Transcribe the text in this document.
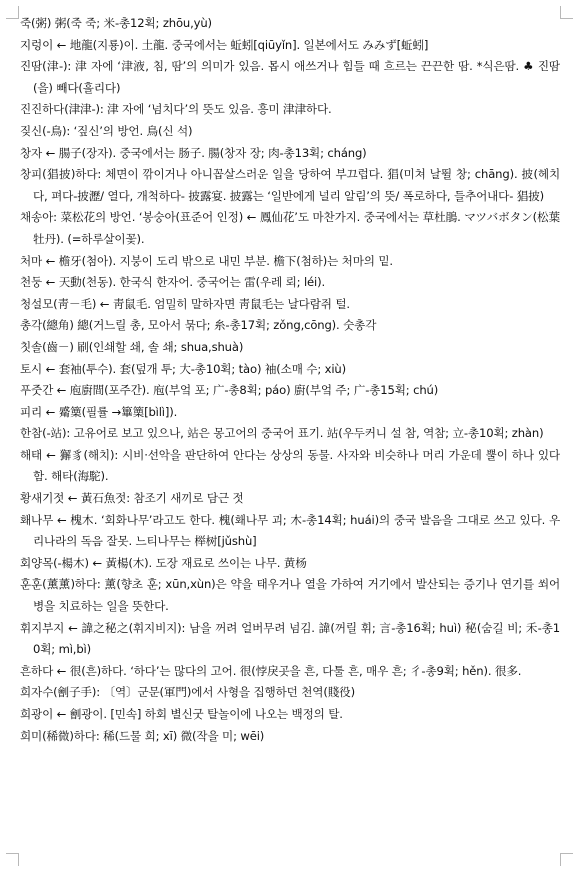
죽(粥) 粥(죽 죽; 米-총12획; zhōu,yù)

지렁이 ← 地龍(지룡)이. 土龍. 중국에서는 蚯蚓[qiūyǐn]. 일본에서도 みみず[蚯蚓]

진땀(津-): 津 자에 ‘津液, 침, 땀’의 의미가 있음. 몹시 애쓰거나 힘들 때 흐르는 끈끈한 땀. *식은땀. ♣ 진땀(을) 빼다(흘리다)

진진하다(津津-): 津 자에 ‘넘치다’의 뜻도 있음. 흥미 津津하다.

짖신(-鳥): ‘짚신’의 방언. 鳥(신 석)

창자 ← 腸子(장자). 중국에서는 肠子. 腸(창자 장; 肉-총13획; cháng)

창피(猖披)하다: 체면이 깎이거나 아니꼽살스러운 일을 당하여 부끄럽다. 猖(미쳐 날뛸 창; chāng). 披(헤치다, 펴다-披瀝/ 열다, 개척하다- 披露宴. 披露는 ‘일반에게 널리 알림’의 뜻/ 폭로하다, 들추어내다- 猖披)

채송아: 菜松花의 방언. ‘봉숭아(표준어 인정) ← 鳳仙花’도 마찬가지. 중국에서는 草杜鵑. マツバボタン(松葉牡丹). (=하루살이꽃).

처마 ← 檐牙(첨아). 지붕이 도리 밖으로 내민 부분. 檐下(첨하)는 처마의 밑.

천둥 ← 天動(천동). 한국식 한자어. 중국어는 雷(우레 뢰; léi).

청설모(靑－毛) ← 靑鼠毛. 엄밀히 말하자면 靑鼠毛는 날다람쥐 털.

총각(總角) 總(거느릴 총, 모아서 묶다; 糸-총17획; zǒng,cōng). 숫총각

칫솔(齒－) 刷(인쇄할 쇄, 솔 쇄; shua,shuà)

토시 ← 套袖(투수). 套(덮개 투; 大-총10획; tào) 袖(소매 수; xiù)

푸줏간 ← 庖廚間(포주간). 庖(부엌 포; 广-총8획; páo) 廚(부엌 주; 广-총15획; chú)

피리 ← 觱篥(필률 →篳篥[bìlì]).

한참(-站): 고유어로 보고 있으나, 站은 몽고어의 중국어 표기. 站(우두커니 설 참, 역참; 立-총10획; zhàn)

해태 ← 獬豸(해치): 시비·선악을 판단하여 안다는 상상의 동물. 사자와 비슷하나 머리 가운데 뿔이 하나 있다 함. 해타(海駝).

황새기젓 ← 黃石魚젓: 참조기 새끼로 담근 젓

홰나무 ← 槐木. ‘회화나무’라고도 한다. 槐(홰나무 괴; 木-총14획; huái)의 중국 발음을 그대로 쓰고 있다. 우리나라의 독음 잘못. 느티나무는 榉树[jǔshù]

회양목(-楊木) ← 黃楊(木). 도장 재료로 쓰이는 나무. 黄杨

훈훈(薰薰)하다: 薰(향초 훈; xūn,xùn)은 약을 태우거나 열을 가하여 거기에서 발산되는 증기나 연기를 쐬어 병을 치료하는 일을 뜻한다.

휘지부지 ← 諱之秘之(휘지비지): 남을 꺼려 얼버무려 넘김. 諱(꺼릴 휘; 言-총16획; huì) 秘(숨길 비; 禾-총10획; mì,bì)

흔하다 ← 很(흔)하다. ‘하다’는 많다의 고어. 很(悖戾곳을 흔, 다툴 흔, 매우 흔; 彳-총9획; hěn). 很多.

희자수(劊子手): 〔역〕군문(軍門)에서 사형을 집행하던 천역(賤役)

희광이 ← 劊광이. [민속] 하회 별신굿 탈놀이에 나오는 백정의 탈.

희미(稀微)하다: 稀(드물 희; xī) 微(작을 미; wēi)
